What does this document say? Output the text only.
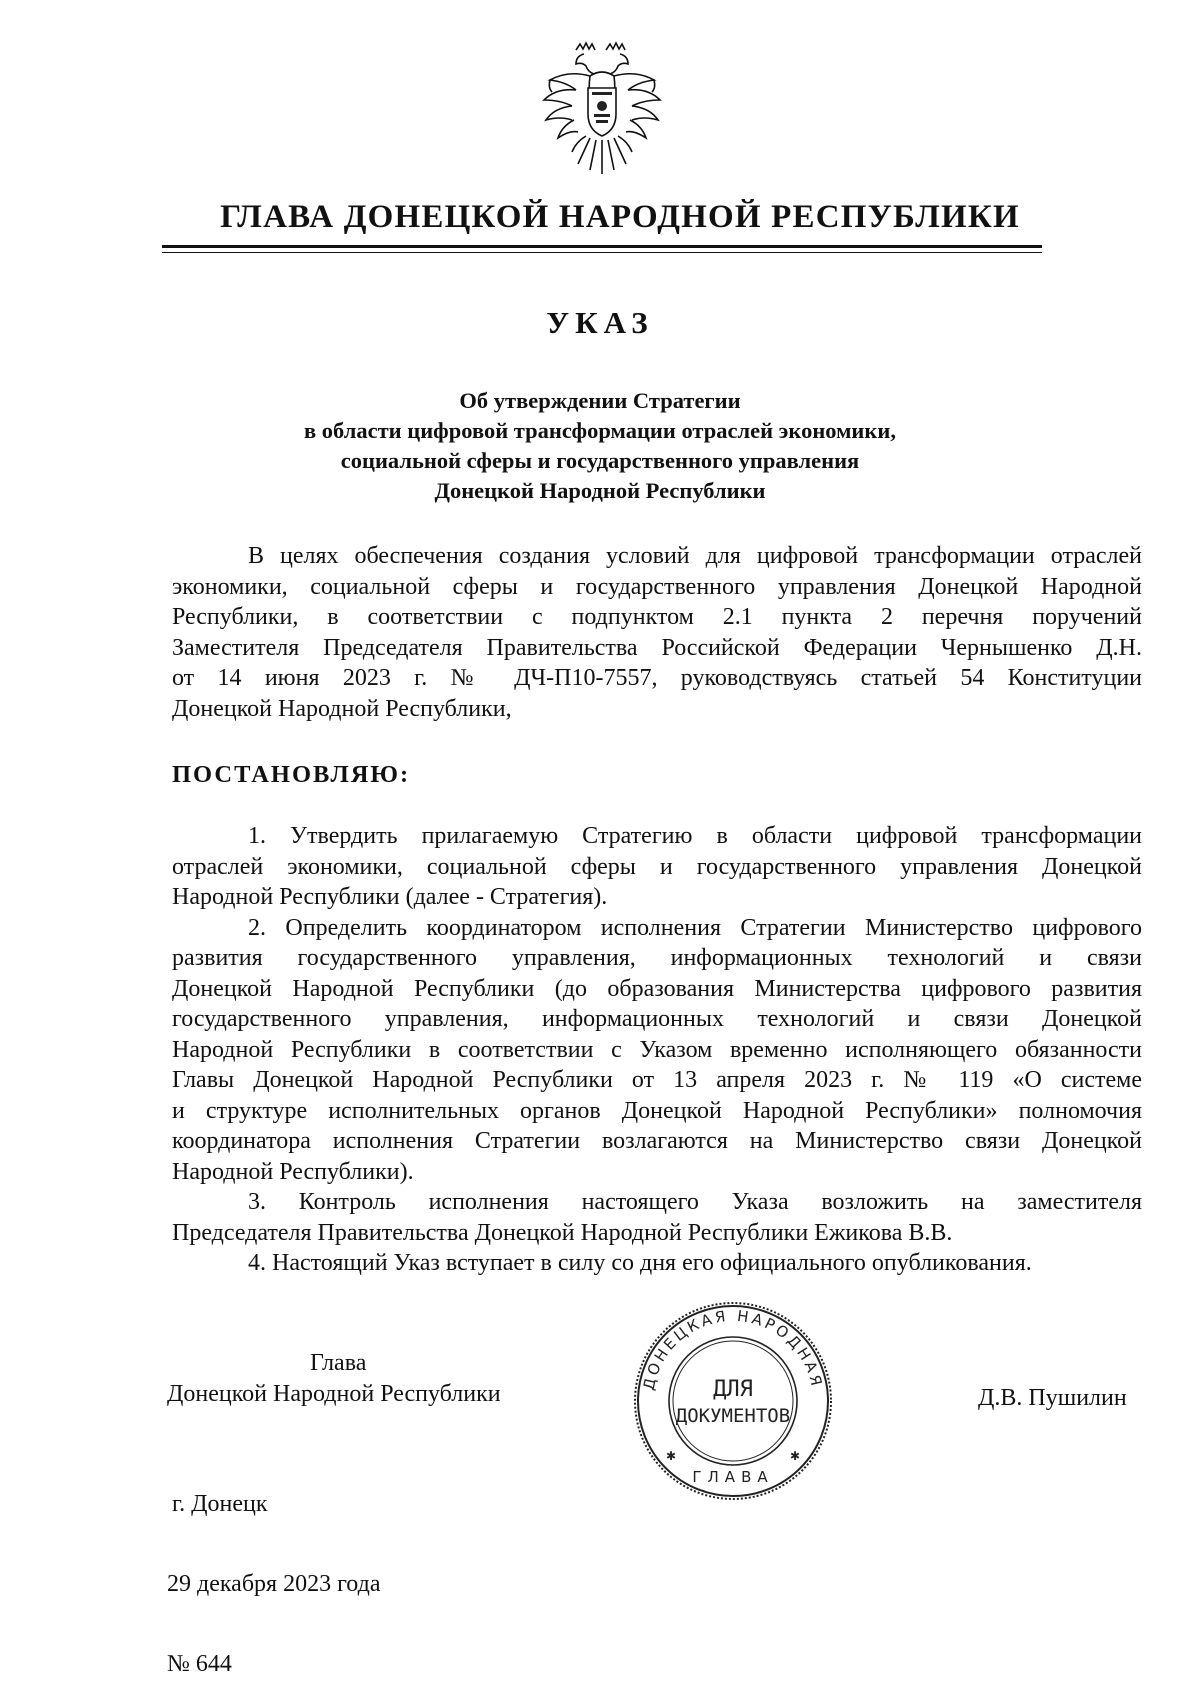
ГЛАВА ДОНЕЦКОЙ НАРОДНОЙ РЕСПУБЛИКИ
УКАЗ
Об утверждении Стратегии
в области цифровой трансформации отраслей экономики,
социальной сферы и государственного управления
Донецкой Народной Республики
В целях обеспечения создания условий для цифровой трансформации отраслей
экономики, социальной сферы и государственного управления Донецкой Народной
Республики, в соответствии с подпунктом 2.1 пункта 2 перечня поручений
Заместителя Председателя Правительства Российской Федерации Чернышенко Д.Н.
от 14 июня 2023 г. № ДЧ-П10-7557, руководствуясь статьей 54 Конституции
Донецкой Народной Республики,
ПОСТАНОВЛЯЮ:
1. Утвердить прилагаемую Стратегию в области цифровой трансформации
отраслей экономики, социальной сферы и государственного управления Донецкой
Народной Республики (далее - Стратегия).
2. Определить координатором исполнения Стратегии Министерство цифрового
развития государственного управления, информационных технологий и связи
Донецкой Народной Республики (до образования Министерства цифрового развития
государственного управления, информационных технологий и связи Донецкой
Народной Республики в соответствии с Указом временно исполняющего обязанности
Главы Донецкой Народной Республики от 13 апреля 2023 г. № 119 «О системе
и структуре исполнительных органов Донецкой Народной Республики» полномочия
координатора исполнения Стратегии возлагаются на Министерство связи Донецкой
Народной Республики).
3. Контроль исполнения настоящего Указа возложить на заместителя
Председателя Правительства Донецкой Народной Республики Ежикова В.В.
4. Настоящий Указ вступает в силу со дня его официального опубликования.
Глава
Донецкой Народной Республики	Д.В. Пушилин
ДОНЕЦКАЯ НАРОДНАЯ
ГЛАВА
ДЛЯ
ДОКУМЕНТОВ
✱	✱
г. Донецк
29 декабря 2023 года
№ 644
